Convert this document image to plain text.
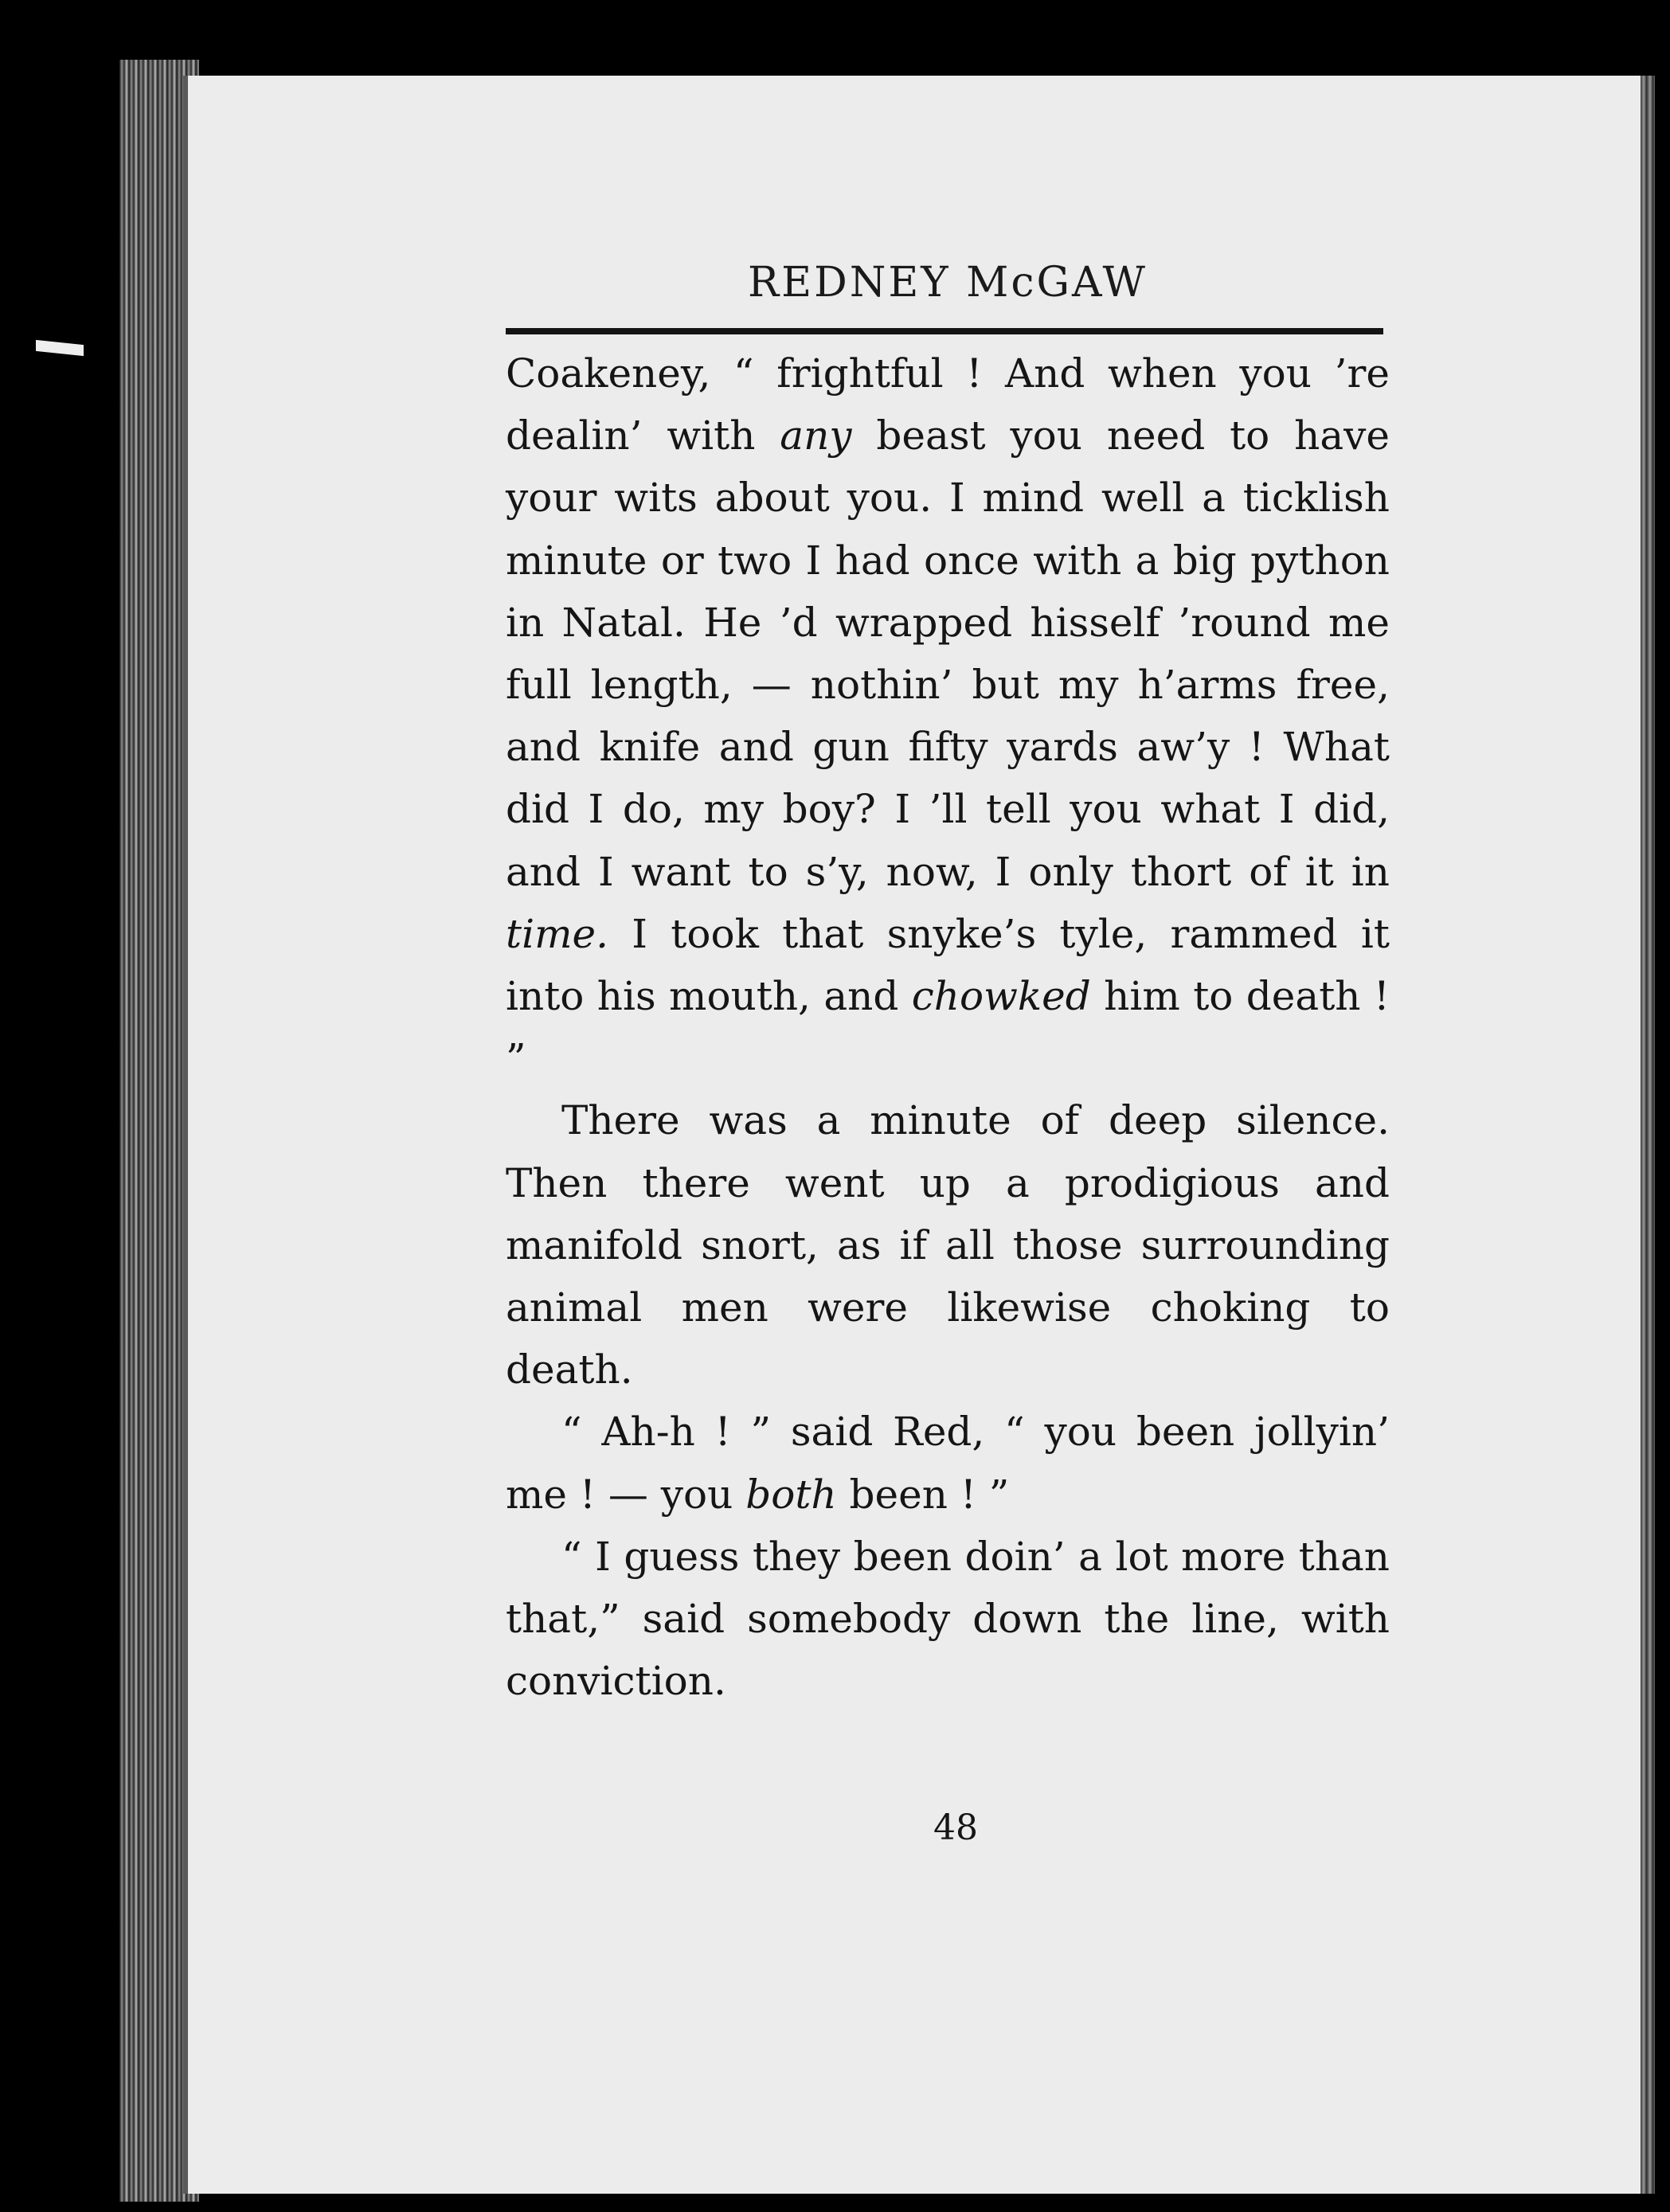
REDNEY McGAW

Coakeney, “ frightful ! And when you ’re dealin’ with any beast you need to have your wits about you. I mind well a ticklish minute or two I had once with a big python in Natal. He ’d wrapped hisself ’round me full length, — nothin’ but my h’arms free, and knife and gun fifty yards aw’y ! What did I do, my boy? I ’ll tell you what I did, and I want to s’y, now, I only thort of it in time. I took that snyke’s tyle, rammed it into his mouth, and chowked him to death ! ”

There was a minute of deep silence. Then there went up a prodigious and manifold snort, as if all those surrounding animal men were likewise choking to death.

“ Ah-h ! ” said Red, “ you been jollyin’ me ! — you both been ! ”

“ I guess they been doin’ a lot more than that,” said somebody down the line, with conviction.

48
